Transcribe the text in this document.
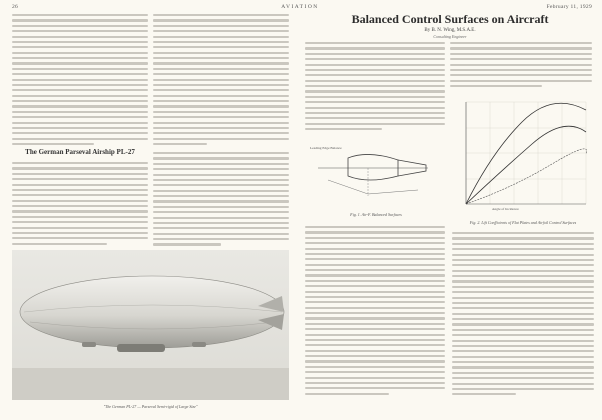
26	AVIATION	February 11, 1929
The German Parseval Airship PL-27
"The German PL-27 — Parseval Semi-rigid of Large Size"
Balanced Control Surfaces on Aircraft
By B. N. Wing, M.S.A.E.
Consulting Engineer
Leading Edge Balance
Fig. 1. Air-F. Balanced Surfaces
Angle of Incidence
Fig. 2. Lift Coefficients of Flat Plates and Airfoil Control Surfaces
